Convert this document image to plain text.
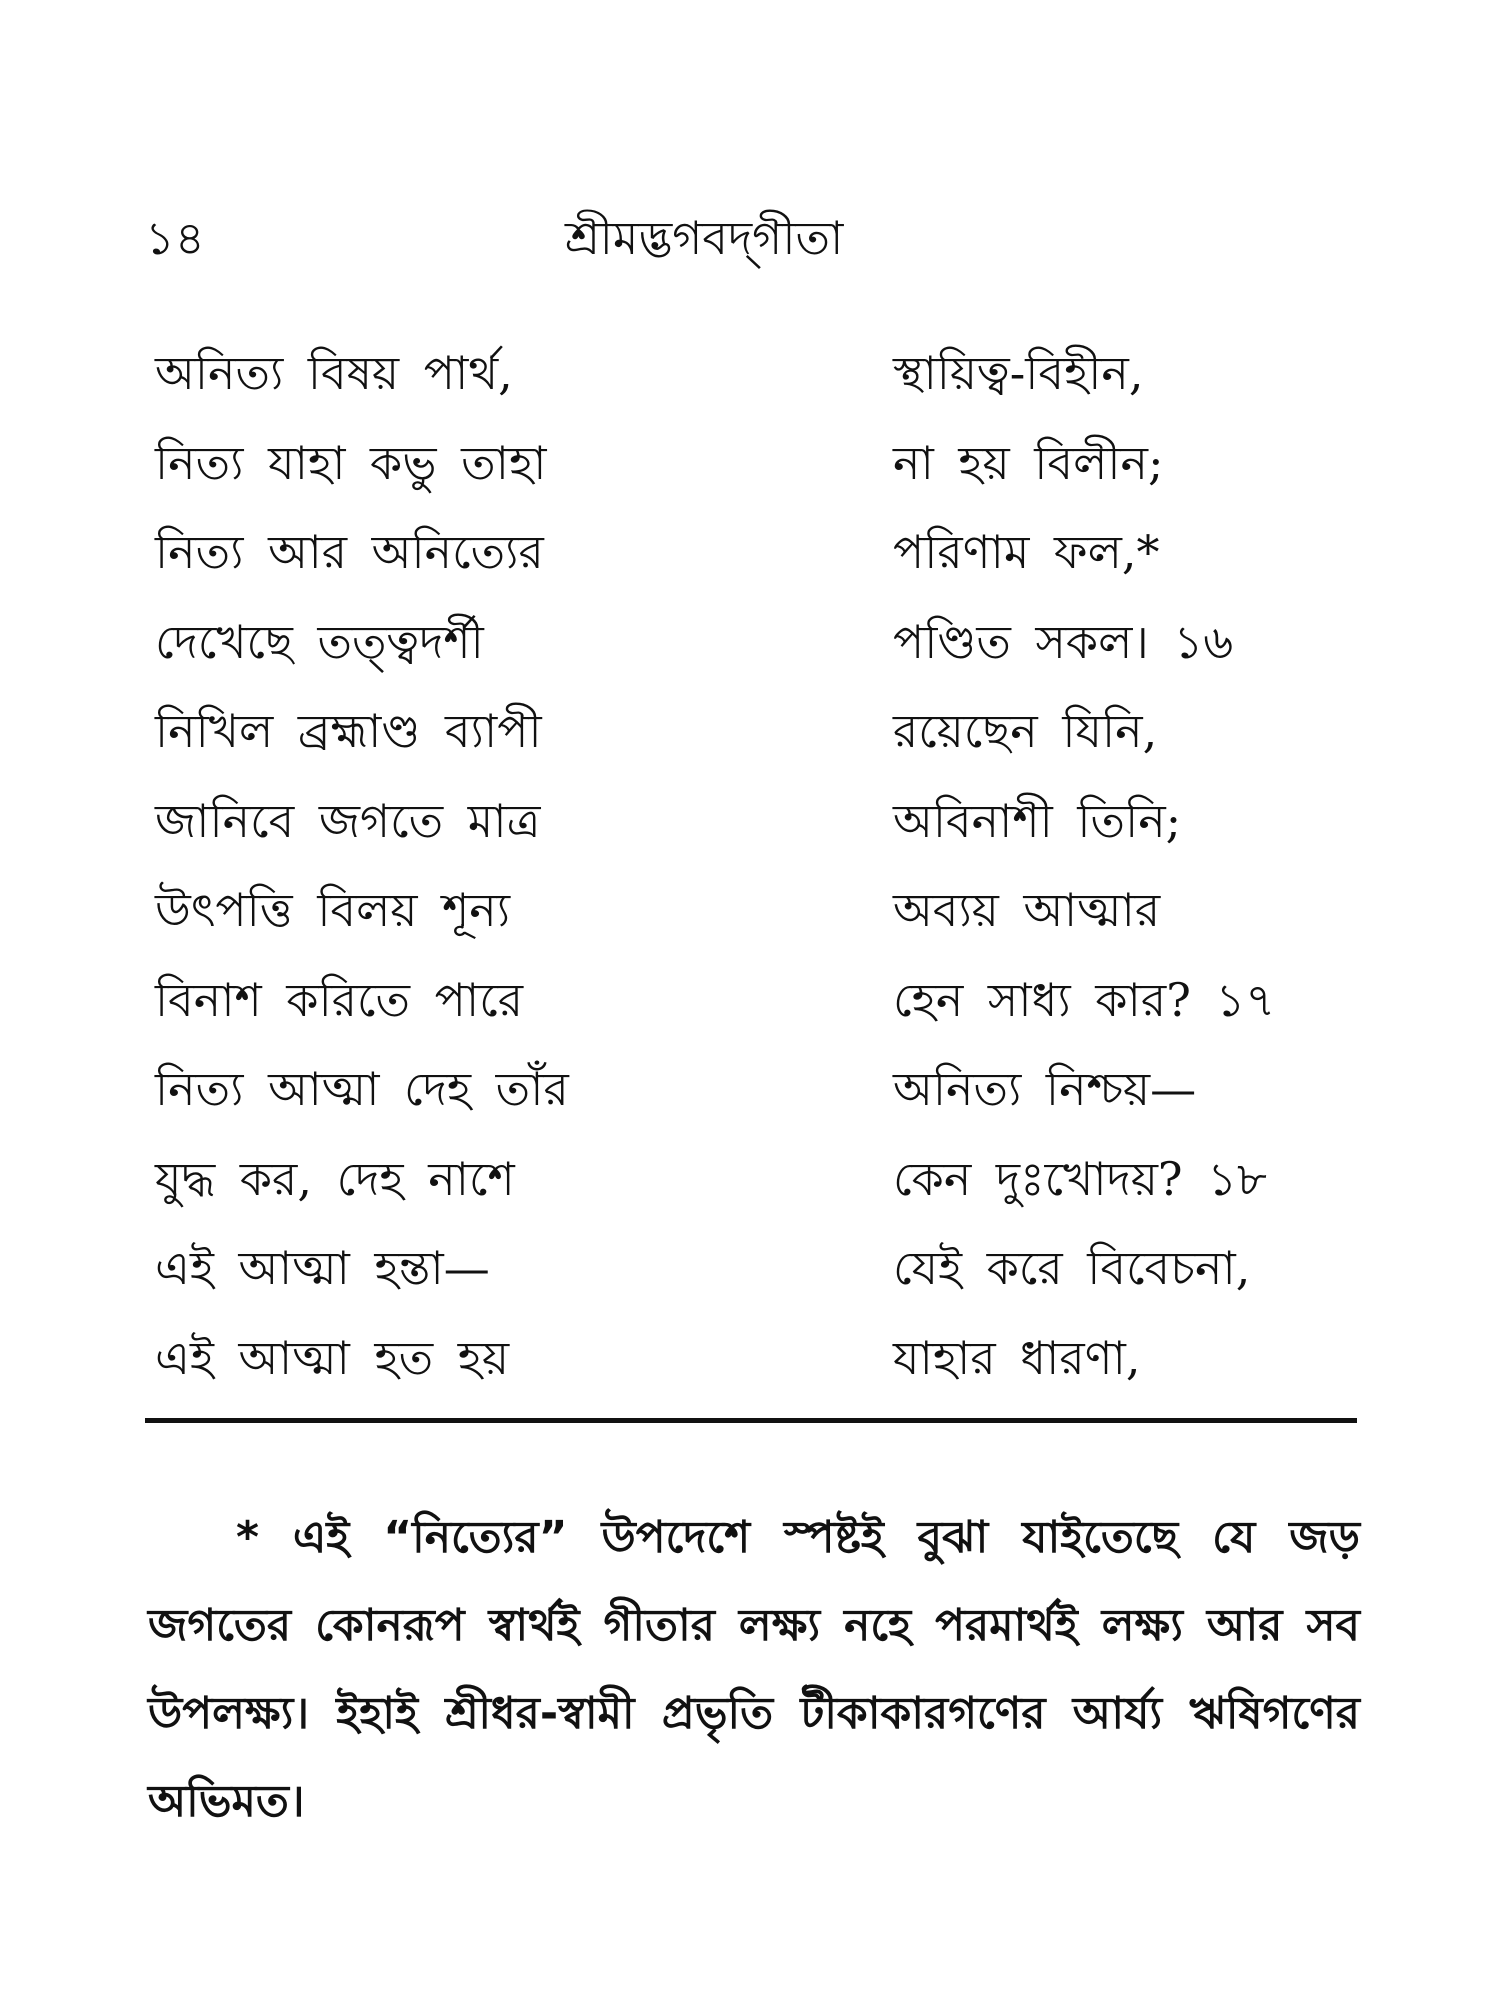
১৪	শ্রীমদ্ভগবদ্‌গীতা
অনিত্য বিষয় পার্থ,	স্থায়িত্ব-বিহীন,
নিত্য যাহা কভু তাহা	না হয় বিলীন;
নিত্য আর অনিত্যের	পরিণাম ফল,*
দেখেছে তত্ত্বদর্শী	পণ্ডিত সকল। ১৬
নিখিল ব্রহ্মাণ্ড ব্যাপী	রয়েছেন যিনি,
জানিবে জগতে মাত্র	অবিনাশী তিনি;
উৎপত্তি বিলয় শূন্য	অব্যয় আত্মার
বিনাশ করিতে পারে	হেন সাধ্য কার? ১৭
নিত্য আত্মা দেহ তাঁর	অনিত্য নিশ্চয়—
যুদ্ধ কর, দেহ নাশে	কেন দুঃখোদয়? ১৮
এই আত্মা হন্তা—	যেই করে বিবেচনা,
এই আত্মা হত হয়	যাহার ধারণা,

* এই “নিত্যের” উপদেশে স্পষ্টই বুঝা যাইতেছে যে জড় জগতের কোনরূপ স্বার্থই গীতার লক্ষ্য নহে পরমার্থই লক্ষ্য আর সব উপলক্ষ্য। ইহাই শ্রীধর-স্বামী প্রভৃতি টীকাকারগণের আর্য্য ঋষিগণের অভিমত।
